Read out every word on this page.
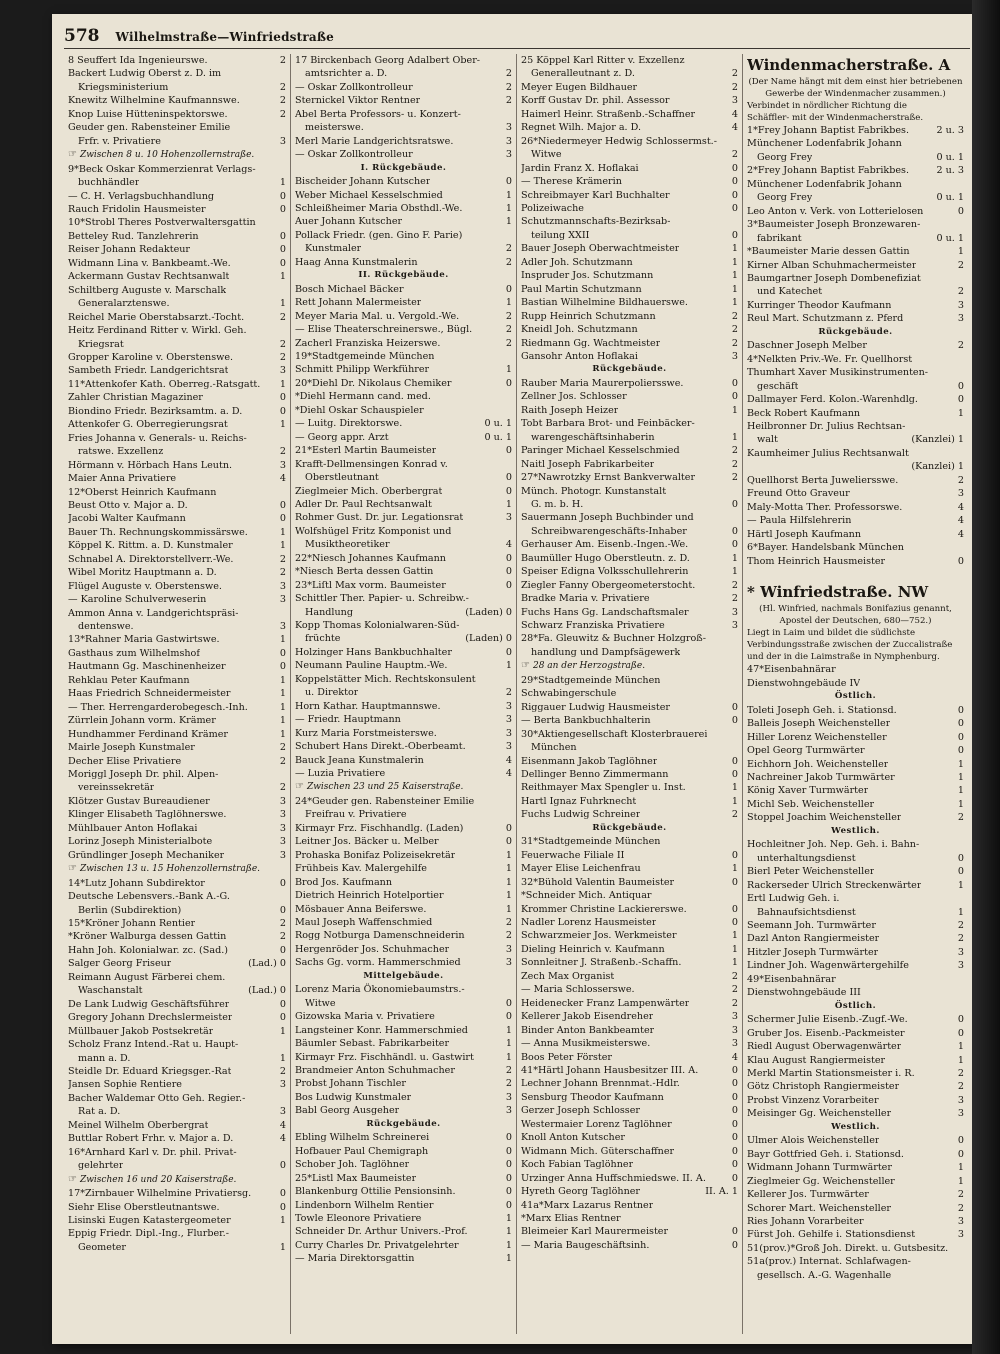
578 Wilhelmstraße—Winfriedstraße
8 Seuffert Ida Ingenieurswe.	2
Backert Ludwig Oberst z. D. im
Kriegsministerium	2
Knewitz Wilhelmine Kaufmannswe.	2
Knop Luise Hütteninspektorswe.	2
Geuder gen. Rabensteiner Emilie
Frfr. v. Privatiere	3
☞ Zwischen 8 u. 10 Hohenzollernstraße.
9*Beck Oskar Kommerzienrat Verlags-
buchhändler	1
— C. H. Verlagsbuchhandlung	0
Rauch Fridolin Hausmeister	0
10*Strobl Theres Postverwaltersgattin
Betteley Rud. Tanzlehrerin	0
Reiser Johann Redakteur	0
Widmann Lina v. Bankbeamt.-We.	0
Ackermann Gustav Rechtsanwalt	1
Schiltberg Auguste v. Marschalk
Generalarztenswe.	1
Reichel Marie Oberstabsarzt.-Tocht.	2
Heitz Ferdinand Ritter v. Wirkl. Geh.
Kriegsrat	2
Gropper Karoline v. Oberstenswe.	2
Sambeth Friedr. Landgerichtsrat	3
11*Attenkofer Kath. Oberreg.-Ratsgatt.	1
Zahler Christian Magaziner	0
Biondino Friedr. Bezirksamtm. a. D.	0
Attenkofer G. Oberregierungsrat	1
Fries Johanna v. Generals- u. Reichs-
ratswe. Exzellenz	2
Hörmann v. Hörbach Hans Leutn.	3
Maier Anna Privatiere	4
12*Oberst Heinrich Kaufmann
Beust Otto v. Major a. D.	0
Jacobi Walter Kaufmann	0
Bauer Th. Rechnungskommissärswe.	1
Köppel K. Rittm. a. D. Kunstmaler	1
Schnabel A. Direktorstellverr.-We.	2
Wibel Moritz Hauptmann a. D.	2
Flügel Auguste v. Oberstenswe.	3
— Karoline Schulverweserin	3
Ammon Anna v. Landgerichtspräsi-
dentenswe.	3
13*Rahner Maria Gastwirtswe.	1
Gasthaus zum Wilhelmshof	0
Hautmann Gg. Maschinenheizer	0
Rehklau Peter Kaufmann	1
Haas Friedrich Schneidermeister	1
— Ther. Herrengarderobegesch.-Inh.	1
Zürrlein Johann vorm. Krämer	1
Hundhammer Ferdinand Krämer	1
Mairle Joseph Kunstmaler	2
Decher Elise Privatiere	2
Moriggl Joseph Dr. phil. Alpen-
vereinssekretär	2
Klötzer Gustav Bureaudiener	3
Klinger Elisabeth Taglöhnerswe.	3
Mühlbauer Anton Hoflakai	3
Lorinz Joseph Ministerialbote	3
Gründlinger Joseph Mechaniker	3
☞ Zwischen 13 u. 15 Hohenzollernstraße.
14*Lutz Johann Subdirektor	0
Deutsche Lebensvers.-Bank A.-G.
Berlin (Subdirektion)	0
15*Kröner Johann Rentier	2
*Kröner Walburga dessen Gattin	2
Hahn Joh. Kolonialwar. zc. (Sad.)	0
Salger Georg Friseur	(Lad.) 0
Reimann August Färberei chem.
Waschanstalt	(Lad.) 0
De Lank Ludwig Geschäftsführer	0
Gregory Johann Drechslermeister	0
Müllbauer Jakob Postsekretär	1
Scholz Franz Intend.-Rat u. Haupt-
mann a. D.	1
Steidle Dr. Eduard Kriegsger.-Rat	2
Jansen Sophie Rentiere	3
Bacher Waldemar Otto Geh. Regier.-
Rat a. D.	3
Meinel Wilhelm Oberbergrat	4
Buttlar Robert Frhr. v. Major a. D.	4
16*Arnhard Karl v. Dr. phil. Privat-
gelehrter	0
☞ Zwischen 16 und 20 Kaiserstraße.
17*Zirnbauer Wilhelmine Privatiersg.	0
Siehr Elise Oberstleutnantswe.	0
Lisinski Eugen Katastergeometer	1
Eppig Friedr. Dipl.-Ing., Flurber.-
Geometer	1
17 Birckenbach Georg Adalbert Ober-
amtsrichter a. D.	2
— Oskar Zollkontrolleur	2
Sternickel Viktor Rentner	2
Abel Berta Professors- u. Konzert-
meisterswe.	3
Merl Marie Landgerichtsratswe.	3
— Oskar Zollkontrolleur	3
I. Rückgebäude.
Bischeider Johann Kutscher	0
Weber Michael Kesselschmied	1
Schleißheimer Maria Obsthdl.-We.	1
Auer Johann Kutscher	1
Pollack Friedr. (gen. Gino F. Parie)
Kunstmaler	2
Haag Anna Kunstmalerin	2
II. Rückgebäude.
Bosch Michael Bäcker	0
Rett Johann Malermeister	1
Meyer Maria Mal. u. Vergold.-We.	2
— Elise Theaterschreinerswe., Bügl.	2
Zacherl Franziska Heizerswe.	2
19*Stadtgemeinde München
Schmitt Philipp Werkführer	1
20*Diehl Dr. Nikolaus Chemiker	0
*Diehl Hermann cand. med.
*Diehl Oskar Schauspieler
— Luitg. Direktorswe.	0 u. 1
— Georg appr. Arzt	0 u. 1
21*Esterl Martin Baumeister	0
Krafft-Dellmensingen Konrad v.
Oberstleutnant	0
Zieglmeier Mich. Oberbergrat	0
Adler Dr. Paul Rechtsanwalt	1
Rohmer Gust. Dr. jur. Legationsrat	3
Wolfshügel Fritz Komponist und
Musiktheoretiker	4
22*Niesch Johannes Kaufmann	0
*Niesch Berta dessen Gattin	0
23*Liſtl Max vorm. Baumeister	0
Schittler Ther. Papier- u. Schreibw.-
Handlung	(Laden) 0
Kopp Thomas Kolonialwaren-Süd-
früchte	(Laden) 0
Holzinger Hans Bankbuchhalter	0
Neumann Pauline Hauptm.-We.	1
Koppelstätter Mich. Rechtskonsulent
u. Direktor	2
Horn Kathar. Hauptmannswe.	3
— Friedr. Hauptmann	3
Kurz Maria Forstmeisterswe.	3
Schubert Hans Direkt.-Oberbeamt.	3
Bauck Jeana Kunstmalerin	4
— Luzia Privatiere	4
☞ Zwischen 23 und 25 Kaiserstraße.
24*Geuder gen. Rabensteiner Emilie
Freifrau v. Privatiere
Kirmayr Frz. Fischhandlg. (Laden)	0
Leitner Jos. Bäcker u. Melber	0
Prohaska Bonifaz Polizeisekretär	1
Frühbeis Kav. Malergehilfe	1
Brod Jos. Kaufmann	1
Dietrich Heinrich Hotelportier	1
Mösbauer Anna Beiferswe.	1
Maul Joseph Waffenschmied	2
Rogg Notburga Damenschneiderin	2
Hergenröder Jos. Schuhmacher	3
Sachs Gg. vorm. Hammerschmied	3
Mittelgebäude.
Lorenz Maria Ökonomiebaumstrs.-
Witwe	0
Gizowska Maria v. Privatiere	0
Langsteiner Konr. Hammerschmied	1
Bäumler Sebast. Fabrikarbeiter	1
Kirmayr Frz. Fischhändl. u. Gastwirt	1
Brandmeier Anton Schuhmacher	2
Probst Johann Tischler	2
Bos Ludwig Kunstmaler	3
Babl Georg Ausgeher	3
Rückgebäude.
Ebling Wilhelm Schreinerei	0
Hofbauer Paul Chemigraph	0
Schober Joh. Taglöhner	0
25*Listl Max Baumeister	0
Blankenburg Ottilie Pensionsinh.	0
Lindenborn Wilhelm Rentier	0
Towle Eleonore Privatiere	1
Schneider Dr. Arthur Univers.-Prof.	1
Curry Charles Dr. Privatgelehrter	1
— Maria Direktorsgattin	1
25 Köppel Karl Ritter v. Exzellenz
Generalleutnant z. D.	2
Meyer Eugen Bildhauer	2
Korff Gustav Dr. phil. Assessor	3
Haimerl Heinr. Straßenb.-Schaffner	4
Regnet Wilh. Major a. D.	4
26*Niedermeyer Hedwig Schlossermst.-
Witwe	2
Jardin Franz X. Hoflakai	0
— Therese Krämerin	0
Schreibmayer Karl Buchhalter	0
Polizeiwache	0
Schutzmannschafts-Bezirksab-
teilung XXII	0
Bauer Joseph Oberwachtmeister	1
Adler Joh. Schutzmann	1
Inspruder Jos. Schutzmann	1
Paul Martin Schutzmann	1
Bastian Wilhelmine Bildhauerswe.	1
Rupp Heinrich Schutzmann	2
Kneidl Joh. Schutzmann	2
Riedmann Gg. Wachtmeister	2
Gansohr Anton Hoflakai	3
Rückgebäude.
Rauber Maria Maurerpoliersswe.	0
Zellner Jos. Schlosser	0
Raith Joseph Heizer	1
Tobt Barbara Brot- und Feinbäcker-
warengeschäftsinhaberin	1
Paringer Michael Kesselschmied	2
Naitl Joseph Fabrikarbeiter	2
27*Nawrotzky Ernst Bankverwalter	2
Münch. Photogr. Kunstanstalt
G. m. b. H.	0
Sauermann Joseph Buchbinder und
Schreibwarengeschäfts-Inhaber	0
Gerhauser Am. Eisenb.-Ingen.-We.	0
Baumüller Hugo Oberstleutn. z. D.	1
Speiser Edigna Volksschullehrerin	1
Ziegler Fanny Obergeometerstocht.	2
Bradke Maria v. Privatiere	2
Fuchs Hans Gg. Landschaftsmaler	3
Schwarz Franziska Privatiere	3
28*Fa. Gleuwitz & Buchner Holzgroß-
handlung und Dampfsägewerk
☞ 28 an der Herzogstraße.
29*Stadtgemeinde München
Schwabingerschule
Riggauer Ludwig Hausmeister	0
— Berta Bankbuchhalterin	0
30*Aktiengesellschaft Klosterbrauerei
München
Eisenmann Jakob Taglöhner	0
Dellinger Benno Zimmermann	0
Reithmayer Max Spengler u. Inst.	1
Hartl Ignaz Fuhrknecht	1
Fuchs Ludwig Schreiner	2
Rückgebäude.
31*Stadtgemeinde München
Feuerwache Filiale II	0
Mayer Elise Leichenfrau	1
32*Bühold Valentin Baumeister	0
*Schneider Mich. Antiquar
Krommer Christine Lackiererswe.	0
Nadler Lorenz Hausmeister	0
Schwarzmeier Jos. Werkmeister	1
Dieling Heinrich v. Kaufmann	1
Sonnleitner J. Straßenb.-Schaffn.	1
Zech Max Organist	2
— Maria Schlosserswe.	2
Heidenecker Franz Lampenwärter	2
Kellerer Jakob Eisendreher	3
Binder Anton Bankbeamter	3
— Anna Musikmeisterswe.	3
Boos Peter Förster	4
41*Härtl Johann Hausbesitzer III. A.	0
Lechner Johann Brennmat.-Hdlr.	0
Sensburg Theodor Kaufmann	0
Gerzer Joseph Schlosser	0
Westermaier Lorenz Taglöhner	0
Knoll Anton Kutscher	0
Widmann Mich. Güterschaffner	0
Koch Fabian Taglöhner	0
Urzinger Anna Huffschmiedswe. II. A.	0
Hyreth Georg Taglöhner	II. A. 1
41a*Marx Lazarus Rentner
*Marx Elias Rentner
Bleimeier Karl Maurermeister	0
— Maria Baugeschäftsinh.	0
Windenmacherstraße. A
(Der Name hängt mit dem einst hier betriebenen
Gewerbe der Windenmacher zusammen.)
Verbindet in nördlicher Richtung die
Schäffler- mit der Windenmacherstraße.
1*Frey Johann Baptist Fabrikbes.	2 u. 3
Münchener Lodenfabrik Johann
Georg Frey	0 u. 1
2*Frey Johann Baptist Fabrikbes.	2 u. 3
Münchener Lodenfabrik Johann
Georg Frey	0 u. 1
Leo Anton v. Verk. von Lotterielosen	0
3*Baumeister Joseph Bronzewaren-
fabrikant	0 u. 1
*Baumeister Marie dessen Gattin	1
Kirner Alban Schuhmachermeister	2
Baumgartner Joseph Dombenefiziat
und Katechet	2
Kurringer Theodor Kaufmann	3
Reul Mart. Schutzmann z. Pferd	3
Rückgebäude.
Daschner Joseph Melber	2
4*Nelkten Priv.-We. Fr. Quellhorst
Thumhart Xaver Musikinstrumenten-
geschäft	0
Dallmayer Ferd. Kolon.-Warenhdlg.	0
Beck Robert Kaufmann	1
Heilbronner Dr. Julius Rechtsan-
walt	(Kanzlei) 1
Kaumheimer Julius Rechtsanwalt
(Kanzlei) 1
Quellhorst Berta Juweliersswe.	2
Freund Otto Graveur	3
Maly-Motta Ther. Professorswe.	4
— Paula Hilfslehrerin	4
Härtl Joseph Kaufmann	4
6*Bayer. Handelsbank München
Thom Heinrich Hausmeister	0

* Winfriedstraße. NW
(Hl. Winfried, nachmals Bonifazius genannt,
Apostel der Deutschen, 680—752.)
Liegt in Laim und bildet die südlichste
Verbindungsstraße zwischen der Zuccalistraße
und der in die Laimstraße in Nymphenburg.
47*Eisenbahnärar
Dienstwohngebäude IV
Östlich.
Toleti Joseph Geh. i. Stationsd.	0
Balleis Joseph Weichensteller	0
Hiller Lorenz Weichensteller	0
Opel Georg Turmwärter	0
Eichhorn Joh. Weichensteller	1
Nachreiner Jakob Turmwärter	1
König Xaver Turmwärter	1
Michl Seb. Weichensteller	1
Stoppel Joachim Weichensteller	2
Westlich.
Hochleitner Joh. Nep. Geh. i. Bahn-
unterhaltungsdienst	0
Bierl Peter Weichensteller	0
Rackerseder Ulrich Streckenwärter	1
Ertl Ludwig Geh. i.
Bahnaufsichtsdienst	1
Seemann Joh. Turmwärter	2
Dazl Anton Rangiermeister	2
Hitzler Joseph Turmwärter	3
Lindner Joh. Wagenwärtergehilfe	3
49*Eisenbahnärar
Dienstwohngebäude III
Östlich.
Schermer Julie Eisenb.-Zugf.-We.	0
Gruber Jos. Eisenb.-Packmeister	0
Riedl August Oberwagenwärter	1
Klau August Rangiermeister	1
Merkl Martin Stationsmeister i. R.	2
Götz Christoph Rangiermeister	2
Probst Vinzenz Vorarbeiter	3
Meisinger Gg. Weichensteller	3
Westlich.
Ulmer Alois Weichensteller	0
Bayr Gottfried Geh. i. Stationsd.	0
Widmann Johann Turmwärter	1
Zieglmeier Gg. Weichensteller	1
Kellerer Jos. Turmwärter	2
Schorer Mart. Weichensteller	2
Ries Johann Vorarbeiter	3
Fürst Joh. Gehilfe i. Stationsdienst	3
51(prov.)*Groß Joh. Direkt. u. Gutsbesitz.
51a(prov.) Internat. Schlafwagen-
gesellsch. A.-G. Wagenhalle
